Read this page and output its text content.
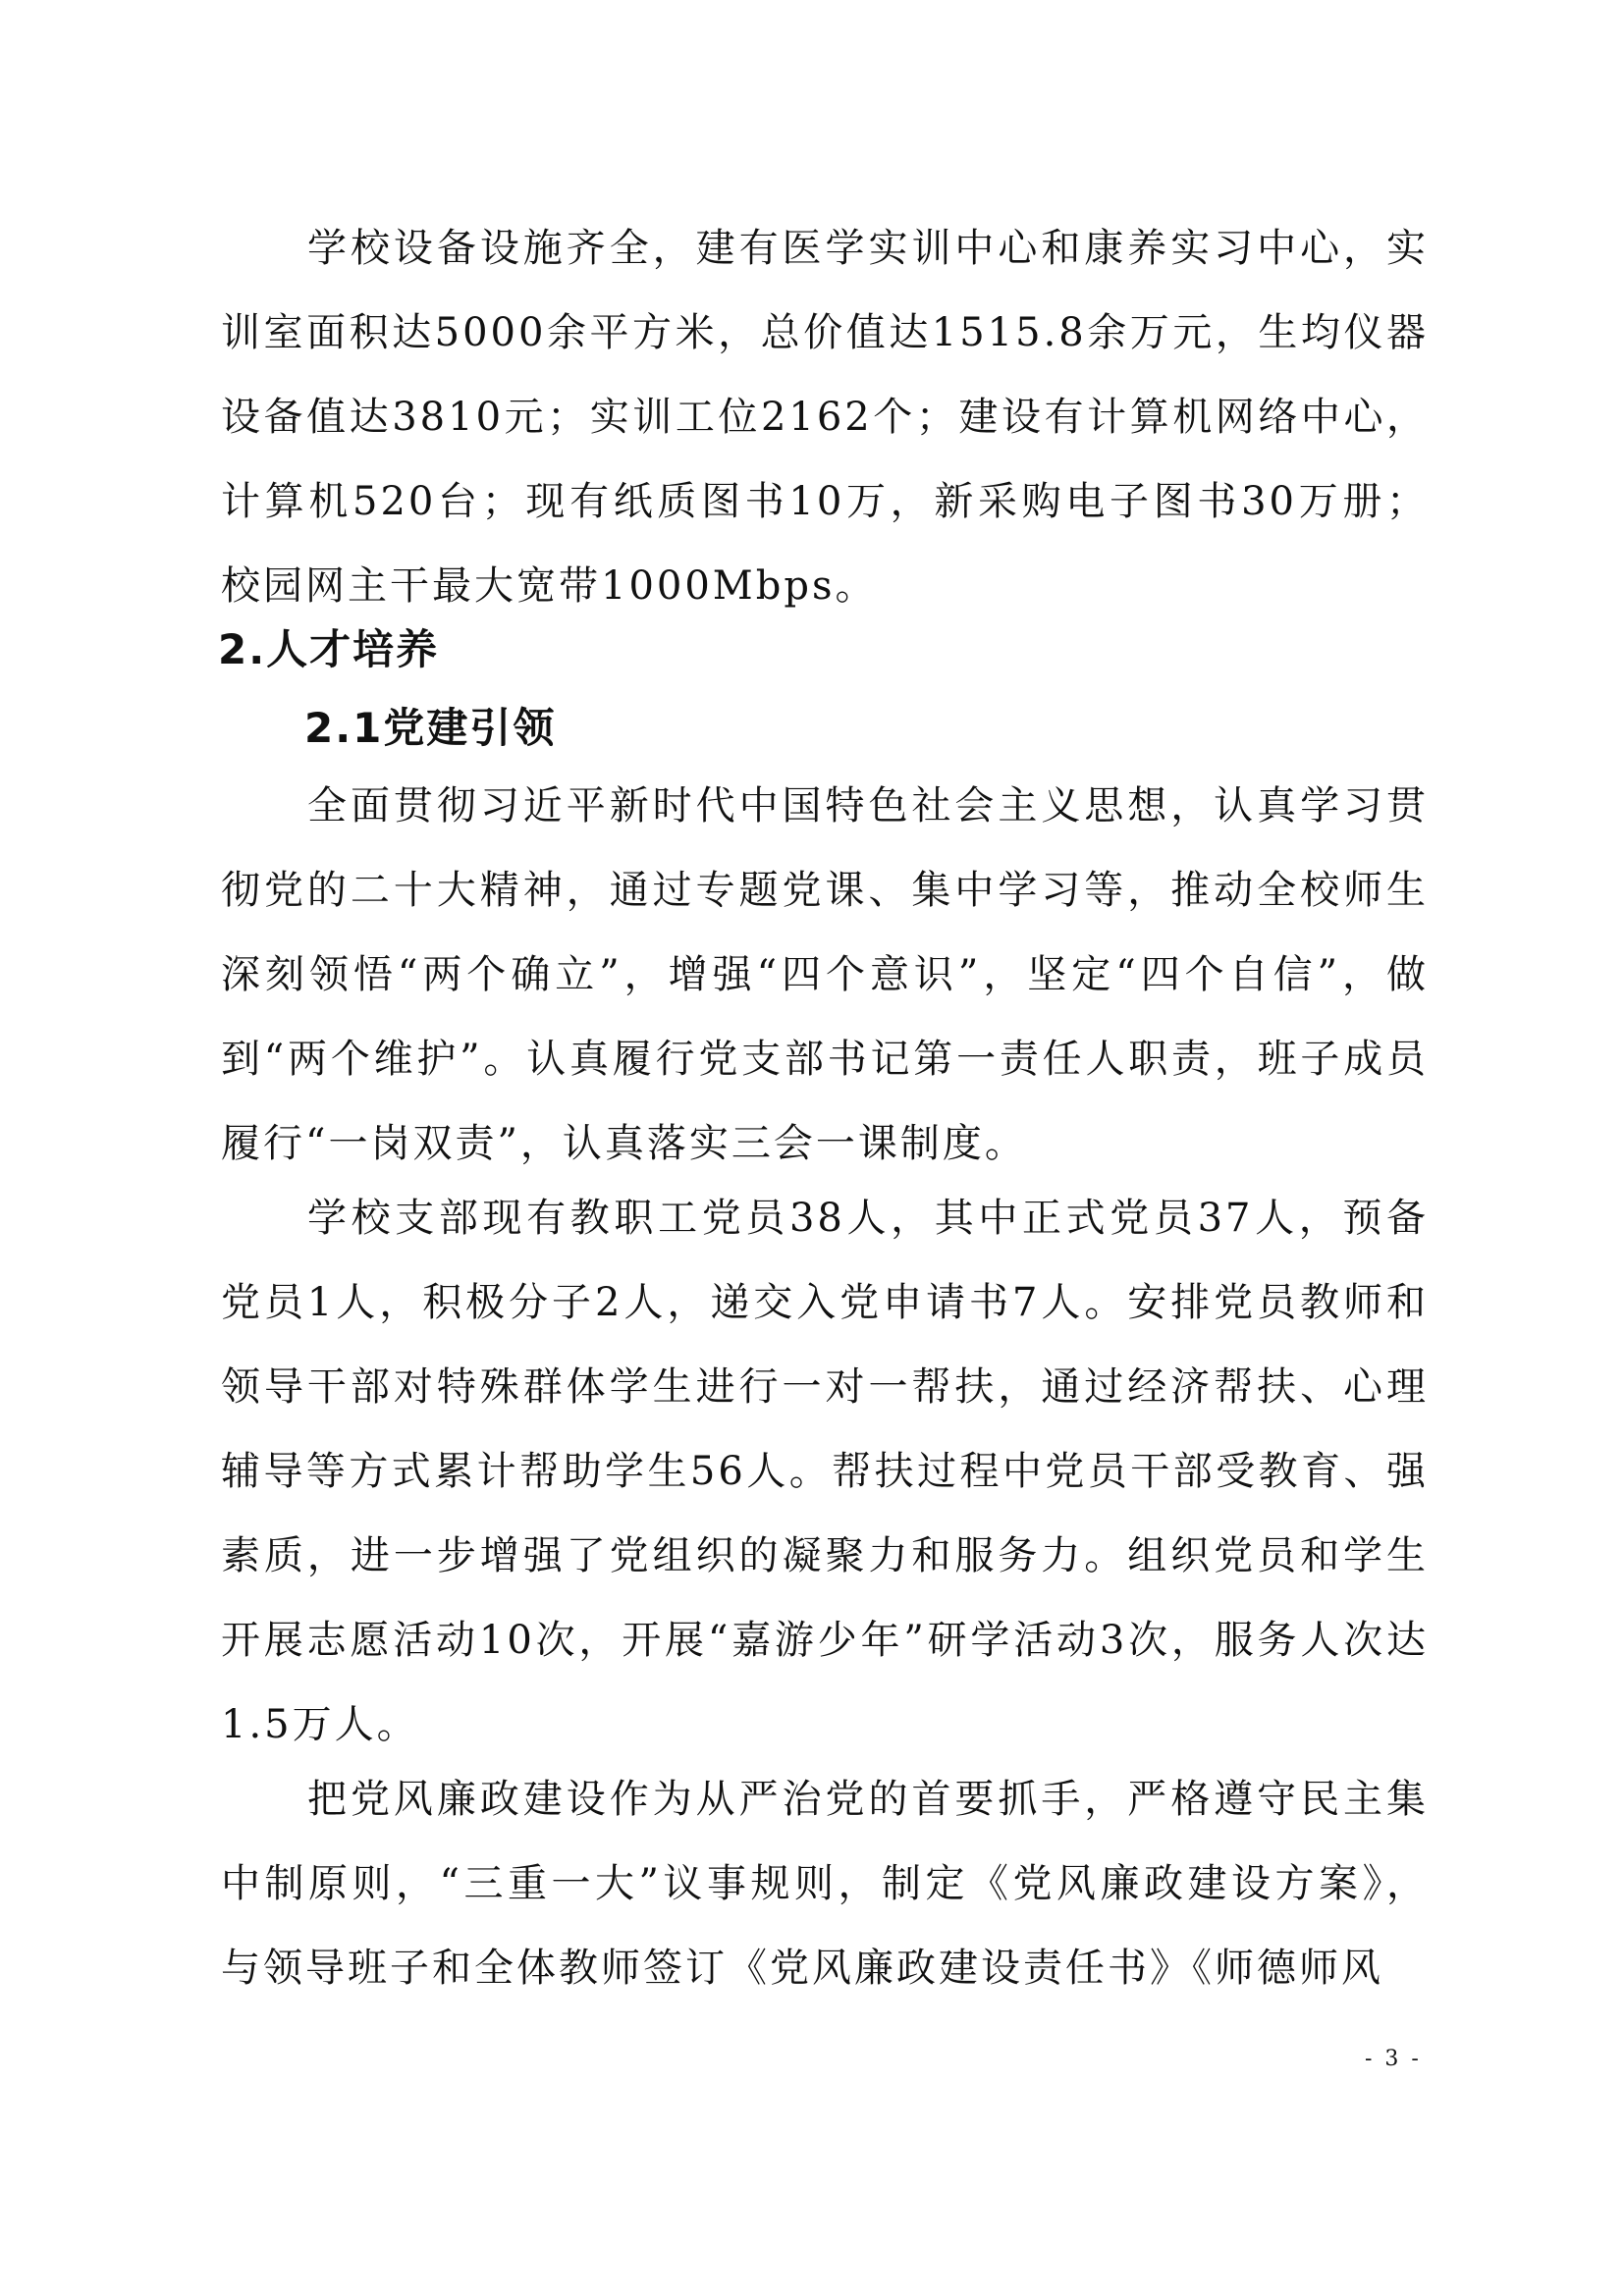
学校设备设施齐全，建有医学实训中心和康养实习中心，实训室面积达5000余平方米，总价值达1515.8余万元，生均仪器设备值达3810元；实训工位2162个；建设有计算机网络中心，计算机520台；现有纸质图书10万，新采购电子图书30万册；校园网主干最大宽带1000Mbps。

2.人才培养
2.1党建引领

全面贯彻习近平新时代中国特色社会主义思想，认真学习贯彻党的二十大精神，通过专题党课、集中学习等，推动全校师生深刻领悟“两个确立”，增强“四个意识”，坚定“四个自信”，做到“两个维护”。认真履行党支部书记第一责任人职责，班子成员履行“一岗双责”，认真落实三会一课制度。

学校支部现有教职工党员38人，其中正式党员37人，预备党员1人，积极分子2人，递交入党申请书7人。安排党员教师和领导干部对特殊群体学生进行一对一帮扶，通过经济帮扶、心理辅导等方式累计帮助学生56人。帮扶过程中党员干部受教育、强素质，进一步增强了党组织的凝聚力和服务力。组织党员和学生开展志愿活动10次，开展“嘉游少年”研学活动3次，服务人次达1.5万人。

把党风廉政建设作为从严治党的首要抓手，严格遵守民主集中制原则，“三重一大”议事规则，制定《党风廉政建设方案》，与领导班子和全体教师签订《党风廉政建设责任书》《师德师风

- 3 -
